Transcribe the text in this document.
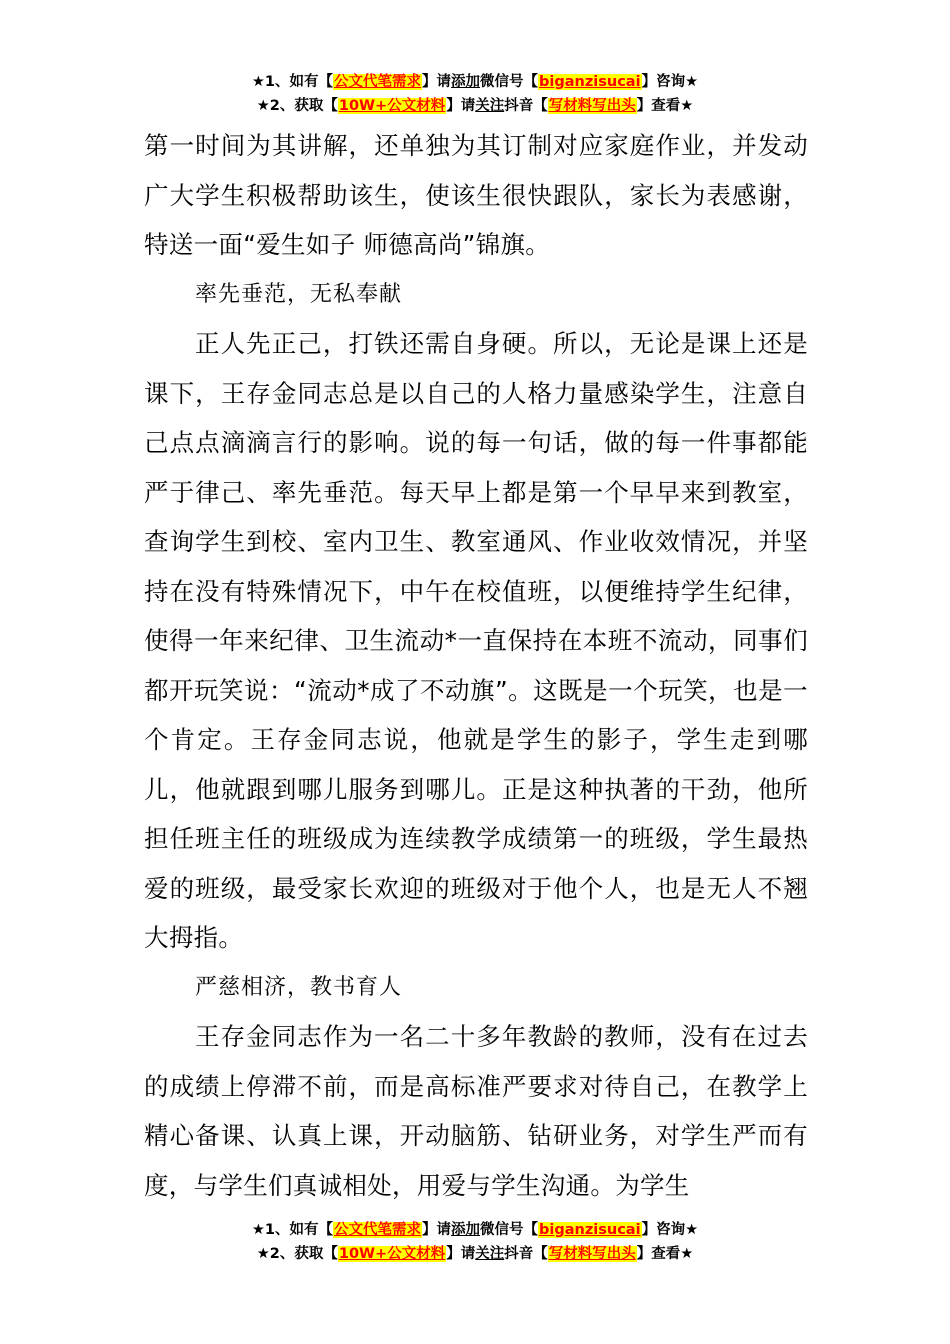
★1、如有【公文代笔需求】请添加微信号【biganzisucai】咨询★
★2、获取【10W+公文材料】请关注抖音【写材料写出头】查看★

第一时间为其讲解，还单独为其订制对应家庭作业，并发动广大学生积极帮助该生，使该生很快跟队，家长为表感谢，特送一面“爱生如子 师德高尚”锦旗。

率先垂范，无私奉献

正人先正己，打铁还需自身硬。所以，无论是课上还是课下，王存金同志总是以自己的人格力量感染学生，注意自己点点滴滴言行的影响。说的每一句话，做的每一件事都能严于律己、率先垂范。每天早上都是第一个早早来到教室，查询学生到校、室内卫生、教室通风、作业收效情况，并坚持在没有特殊情况下，中午在校值班，以便维持学生纪律，使得一年来纪律、卫生流动*一直保持在本班不流动，同事们都开玩笑说：“流动*成了不动旗”。这既是一个玩笑，也是一个肯定。王存金同志说，他就是学生的影子，学生走到哪儿，他就跟到哪儿服务到哪儿。正是这种执著的干劲，他所担任班主任的班级成为连续教学成绩第一的班级，学生最热爱的班级，最受家长欢迎的班级对于他个人，也是无人不翘大拇指。

严慈相济，教书育人

王存金同志作为一名二十多年教龄的教师，没有在过去的成绩上停滞不前，而是高标准严要求对待自己，在教学上精心备课、认真上课，开动脑筋、钻研业务，对学生严而有度，与学生们真诚相处，用爱与学生沟通。为学生

★1、如有【公文代笔需求】请添加微信号【biganzisucai】咨询★
★2、获取【10W+公文材料】请关注抖音【写材料写出头】查看★
